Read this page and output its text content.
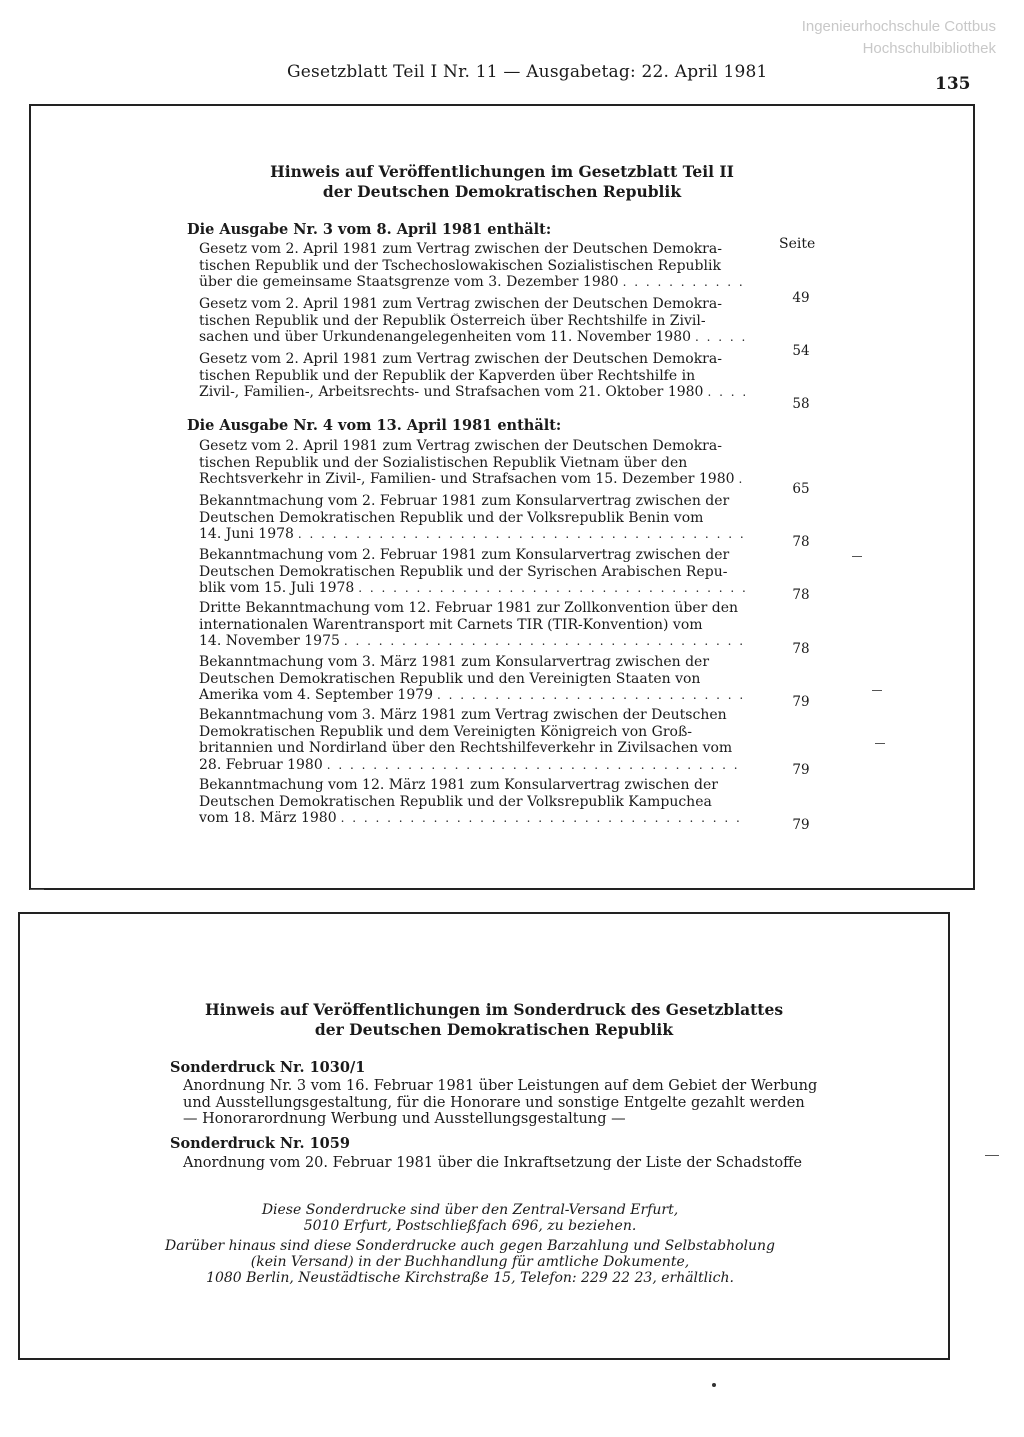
Gesetzblatt Teil I Nr. 11 — Ausgabetag: 22. April 1981
135
Ingenieurhochschule Cottbus
Hochschulbibliothek
Hinweis auf Veröffentlichungen im Gesetzblatt Teil II
der Deutschen Demokratischen Republik
Seite
Die Ausgabe Nr. 3 vom 8. April 1981 enthält:
Gesetz vom 2. April 1981 zum Vertrag zwischen der Deutschen Demokra-
tischen Republik und der Tschechoslowakischen Sozialistischen Republik
über die gemeinsame Staatsgrenze vom 3. Dezember 1980
. . .
49
Gesetz vom 2. April 1981 zum Vertrag zwischen der Deutschen Demokra-
tischen Republik und der Republik Österreich über Rechtshilfe in Zivil-
sachen und über Urkundenangelegenheiten vom 11. November 1980
. . .
54
Gesetz vom 2. April 1981 zum Vertrag zwischen der Deutschen Demokra-
tischen Republik und der Republik der Kapverden über Rechtshilfe in
Zivil-, Familien-, Arbeitsrechts- und Strafsachen vom 21. Oktober 1980
. . .
58
Die Ausgabe Nr. 4 vom 13. April 1981 enthält:
Gesetz vom 2. April 1981 zum Vertrag zwischen der Deutschen Demokra-
tischen Republik und der Sozialistischen Republik Vietnam über den
Rechtsverkehr in Zivil-, Familien- und Strafsachen vom 15. Dezember 1980
. . .
65
Bekanntmachung vom 2. Februar 1981 zum Konsularvertrag zwischen der
Deutschen Demokratischen Republik und der Volksrepublik Benin vom
14. Juni 1978 . . .	78
Bekanntmachung vom 2. Februar 1981 zum Konsularvertrag zwischen der
Deutschen Demokratischen Republik und der Syrischen Arabischen Repu-
blik vom 15. Juli 1978 . . .	78
Dritte Bekanntmachung vom 12. Februar 1981 zur Zollkonvention über den
internationalen Warentransport mit Carnets TIR (TIR-Konvention) vom
14. November 1975 . . .	78
Bekanntmachung vom 3. März 1981 zum Konsularvertrag zwischen der
Deutschen Demokratischen Republik und den Vereinigten Staaten von
Amerika vom 4. September 1979 . . .	79
Bekanntmachung vom 3. März 1981 zum Vertrag zwischen der Deutschen
Demokratischen Republik und dem Vereinigten Königreich von Groß-
britannien und Nordirland über den Rechtshilfeverkehr in Zivilsachen vom
28. Februar 1980 . . .	79
Bekanntmachung vom 12. März 1981 zum Konsularvertrag zwischen der
Deutschen Demokratischen Republik und der Volksrepublik Kampuchea
vom 18. März 1980 . . .	79
Hinweis auf Veröffentlichungen im Sonderdruck des Gesetzblattes
der Deutschen Demokratischen Republik
Sonderdruck Nr. 1030/1
Anordnung Nr. 3 vom 16. Februar 1981 über Leistungen auf dem Gebiet der Werbung
und Ausstellungsgestaltung, für die Honorare und sonstige Entgelte gezahlt werden
— Honorarordnung Werbung und Ausstellungsgestaltung —
Sonderdruck Nr. 1059
Anordnung vom 20. Februar 1981 über die Inkraftsetzung der Liste der Schadstoffe
Diese Sonderdrucke sind über den Zentral-Versand Erfurt,
5010 Erfurt, Postschließfach 696, zu beziehen.
Darüber hinaus sind diese Sonderdrucke auch gegen Barzahlung und Selbstabholung
(kein Versand) in der Buchhandlung für amtliche Dokumente,
1080 Berlin, Neustädtische Kirchstraße 15, Telefon: 229 22 23, erhältlich.
